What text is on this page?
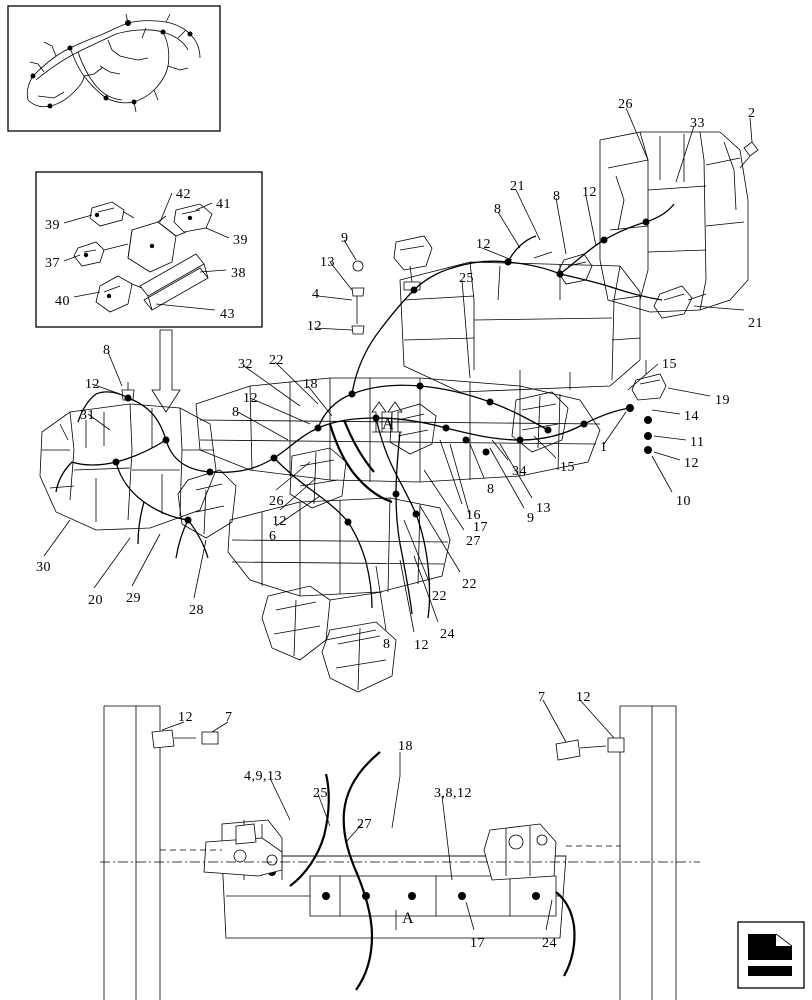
26
33
2
21
8
12
8
12
9
13
25
4
21
12
15
19
14
11
1
12
10
8
12
32 22
18
12
31	8
34 15
8
13
9
16
17
26
12
6	27
22
22
24
12
8
30
20 29
28
42
41
39
39
37
38
40
43
12 7
7 12
18
4,9,13
25	3,8,12
27
17	24
A
A
